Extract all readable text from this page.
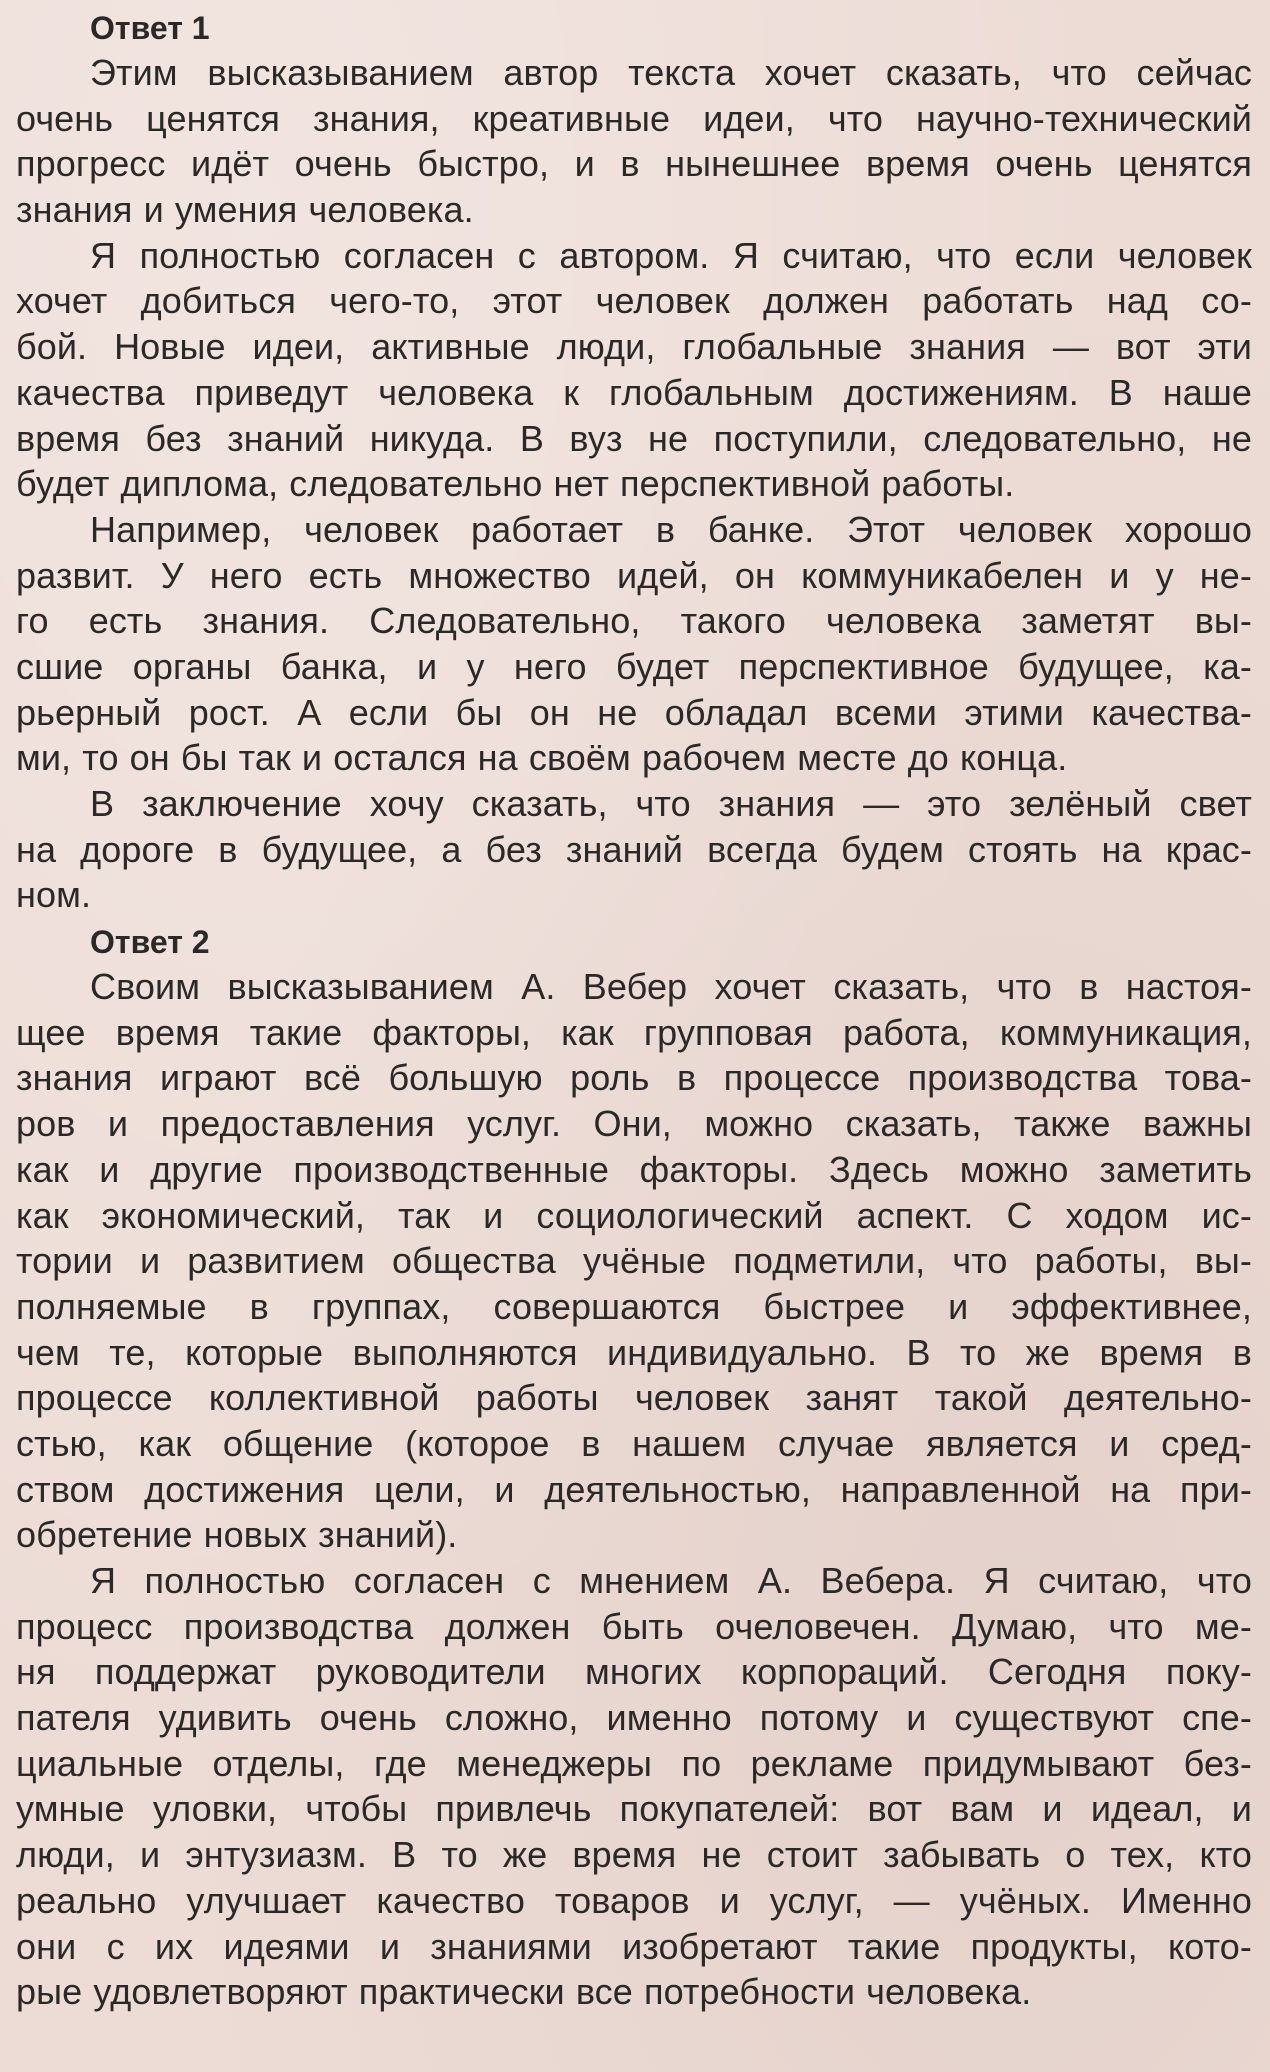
Ответ 1
Этим высказыванием автор текста хочет сказать, что сейчас
очень ценятся знания, креативные идеи, что научно-технический
прогресс идёт очень быстро, и в нынешнее время очень ценятся
знания и умения человека.
Я полностью согласен с автором. Я считаю, что если человек
хочет добиться чего-то, этот человек должен работать над со-
бой. Новые идеи, активные люди, глобальные знания — вот эти
качества приведут человека к глобальным достижениям. В наше
время без знаний никуда. В вуз не поступили, следовательно, не
будет диплома, следовательно нет перспективной работы.
Например, человек работает в банке. Этот человек хорошо
развит. У него есть множество идей, он коммуникабелен и у не-
го есть знания. Следовательно, такого человека заметят вы-
сшие органы банка, и у него будет перспективное будущее, ка-
рьерный рост. А если бы он не обладал всеми этими качества-
ми, то он бы так и остался на своём рабочем месте до конца.
В заключение хочу сказать, что знания — это зелёный свет
на дороге в будущее, а без знаний всегда будем стоять на крас-
ном.
Ответ 2
Своим высказыванием А. Вебер хочет сказать, что в настоя-
щее время такие факторы, как групповая работа, коммуникация,
знания играют всё большую роль в процессе производства това-
ров и предоставления услуг. Они, можно сказать, также важны
как и другие производственные факторы. Здесь можно заметить
как экономический, так и социологический аспект. С ходом ис-
тории и развитием общества учёные подметили, что работы, вы-
полняемые в группах, совершаются быстрее и эффективнее,
чем те, которые выполняются индивидуально. В то же время в
процессе коллективной работы человек занят такой деятельно-
стью, как общение (которое в нашем случае является и сред-
ством достижения цели, и деятельностью, направленной на при-
обретение новых знаний).
Я полностью согласен с мнением А. Вебера. Я считаю, что
процесс производства должен быть очеловечен. Думаю, что ме-
ня поддержат руководители многих корпораций. Сегодня поку-
пателя удивить очень сложно, именно потому и существуют спе-
циальные отделы, где менеджеры по рекламе придумывают без-
умные уловки, чтобы привлечь покупателей: вот вам и идеал, и
люди, и энтузиазм. В то же время не стоит забывать о тех, кто
реально улучшает качество товаров и услуг, — учёных. Именно
они с их идеями и знаниями изобретают такие продукты, кото-
рые удовлетворяют практически все потребности человека.
